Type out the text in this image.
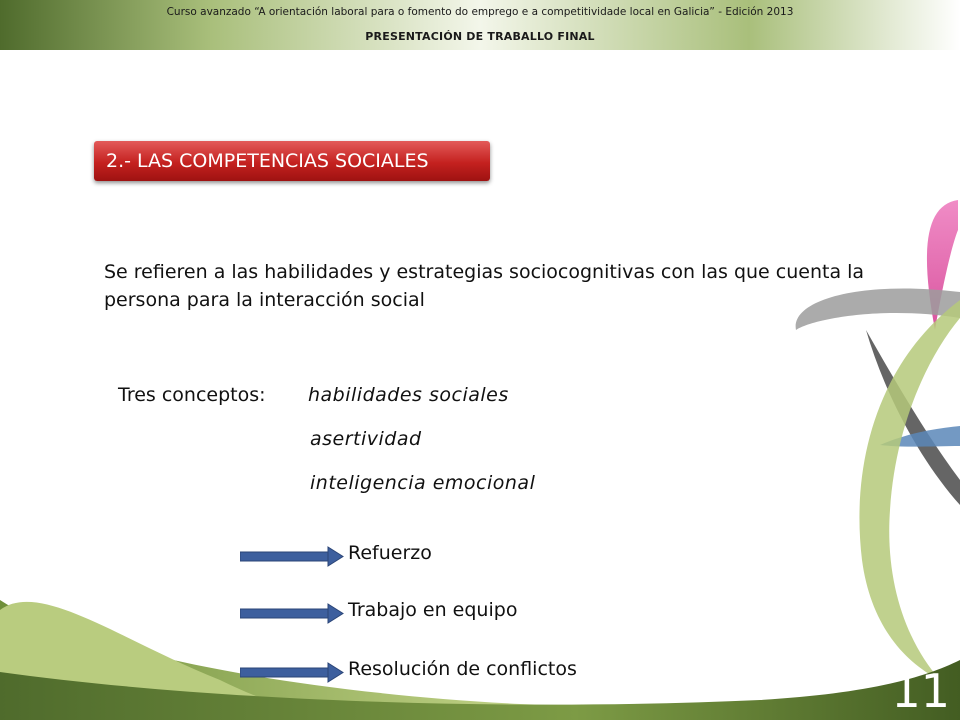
Curso avanzado “A orientación laboral para o fomento do emprego e a competitividade local en Galicia” - Edición 2013
PRESENTACIÓN DE TRABALLO FINAL
2.- LAS COMPETENCIAS SOCIALES
Se refieren a las habilidades y estrategias sociocognitivas con las que cuenta la persona para la interacción social
Tres conceptos: habilidades sociales
asertividad
inteligencia emocional
Refuerzo
Trabajo en equipo
Resolución de conflictos	11
